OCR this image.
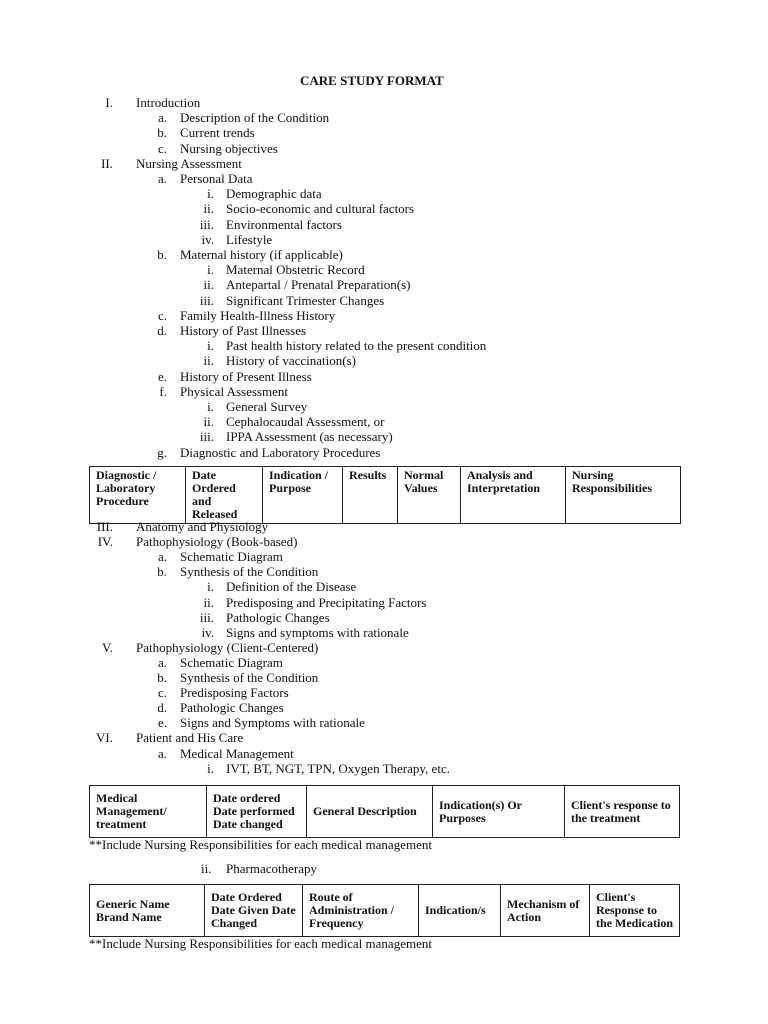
CARE STUDY FORMAT
I. Introduction
a. Description of the Condition
b. Current trends
c. Nursing objectives
II. Nursing Assessment
a. Personal Data
i. Demographic data
ii. Socio-economic and cultural factors
iii. Environmental factors
iv. Lifestyle
b. Maternal history (if applicable)
i. Maternal Obstetric Record
ii. Antepartal / Prenatal Preparation(s)
iii. Significant Trimester Changes
c. Family Health-Illness History
d. History of Past Illnesses
i. Past health history related to the present condition
ii. History of vaccination(s)
e. History of Present Illness
f. Physical Assessment
i. General Survey
ii. Cephalocaudal Assessment, or
iii. IPPA Assessment (as necessary)
g. Diagnostic and Laboratory Procedures
Diagnostic / Laboratory Procedure	Date Ordered and Released	Indication / Purpose	Results	Normal Values	Analysis and Interpretation	Nursing Responsibilities
III. Anatomy and Physiology
IV. Pathophysiology (Book-based)
a. Schematic Diagram
b. Synthesis of the Condition
i. Definition of the Disease
ii. Predisposing and Precipitating Factors
iii. Pathologic Changes
iv. Signs and symptoms with rationale
V. Pathophysiology (Client-Centered)
a. Schematic Diagram
b. Synthesis of the Condition
c. Predisposing Factors
d. Pathologic Changes
e. Signs and Symptoms with rationale
VI. Patient and His Care
a. Medical Management
i. IVT, BT, NGT, TPN, Oxygen Therapy, etc.
Medical Management/ treatment	Date ordered Date performed Date changed	General Description	Indication(s) Or Purposes	Client's response to the treatment
**Include Nursing Responsibilities for each medical management
ii. Pharmacotherapy
Generic Name Brand Name	Date Ordered Date Given Date Changed	Route of Administration / Frequency	Indication/s	Mechanism of Action	Client's Response to the Medication
**Include Nursing Responsibilities for each medical management
